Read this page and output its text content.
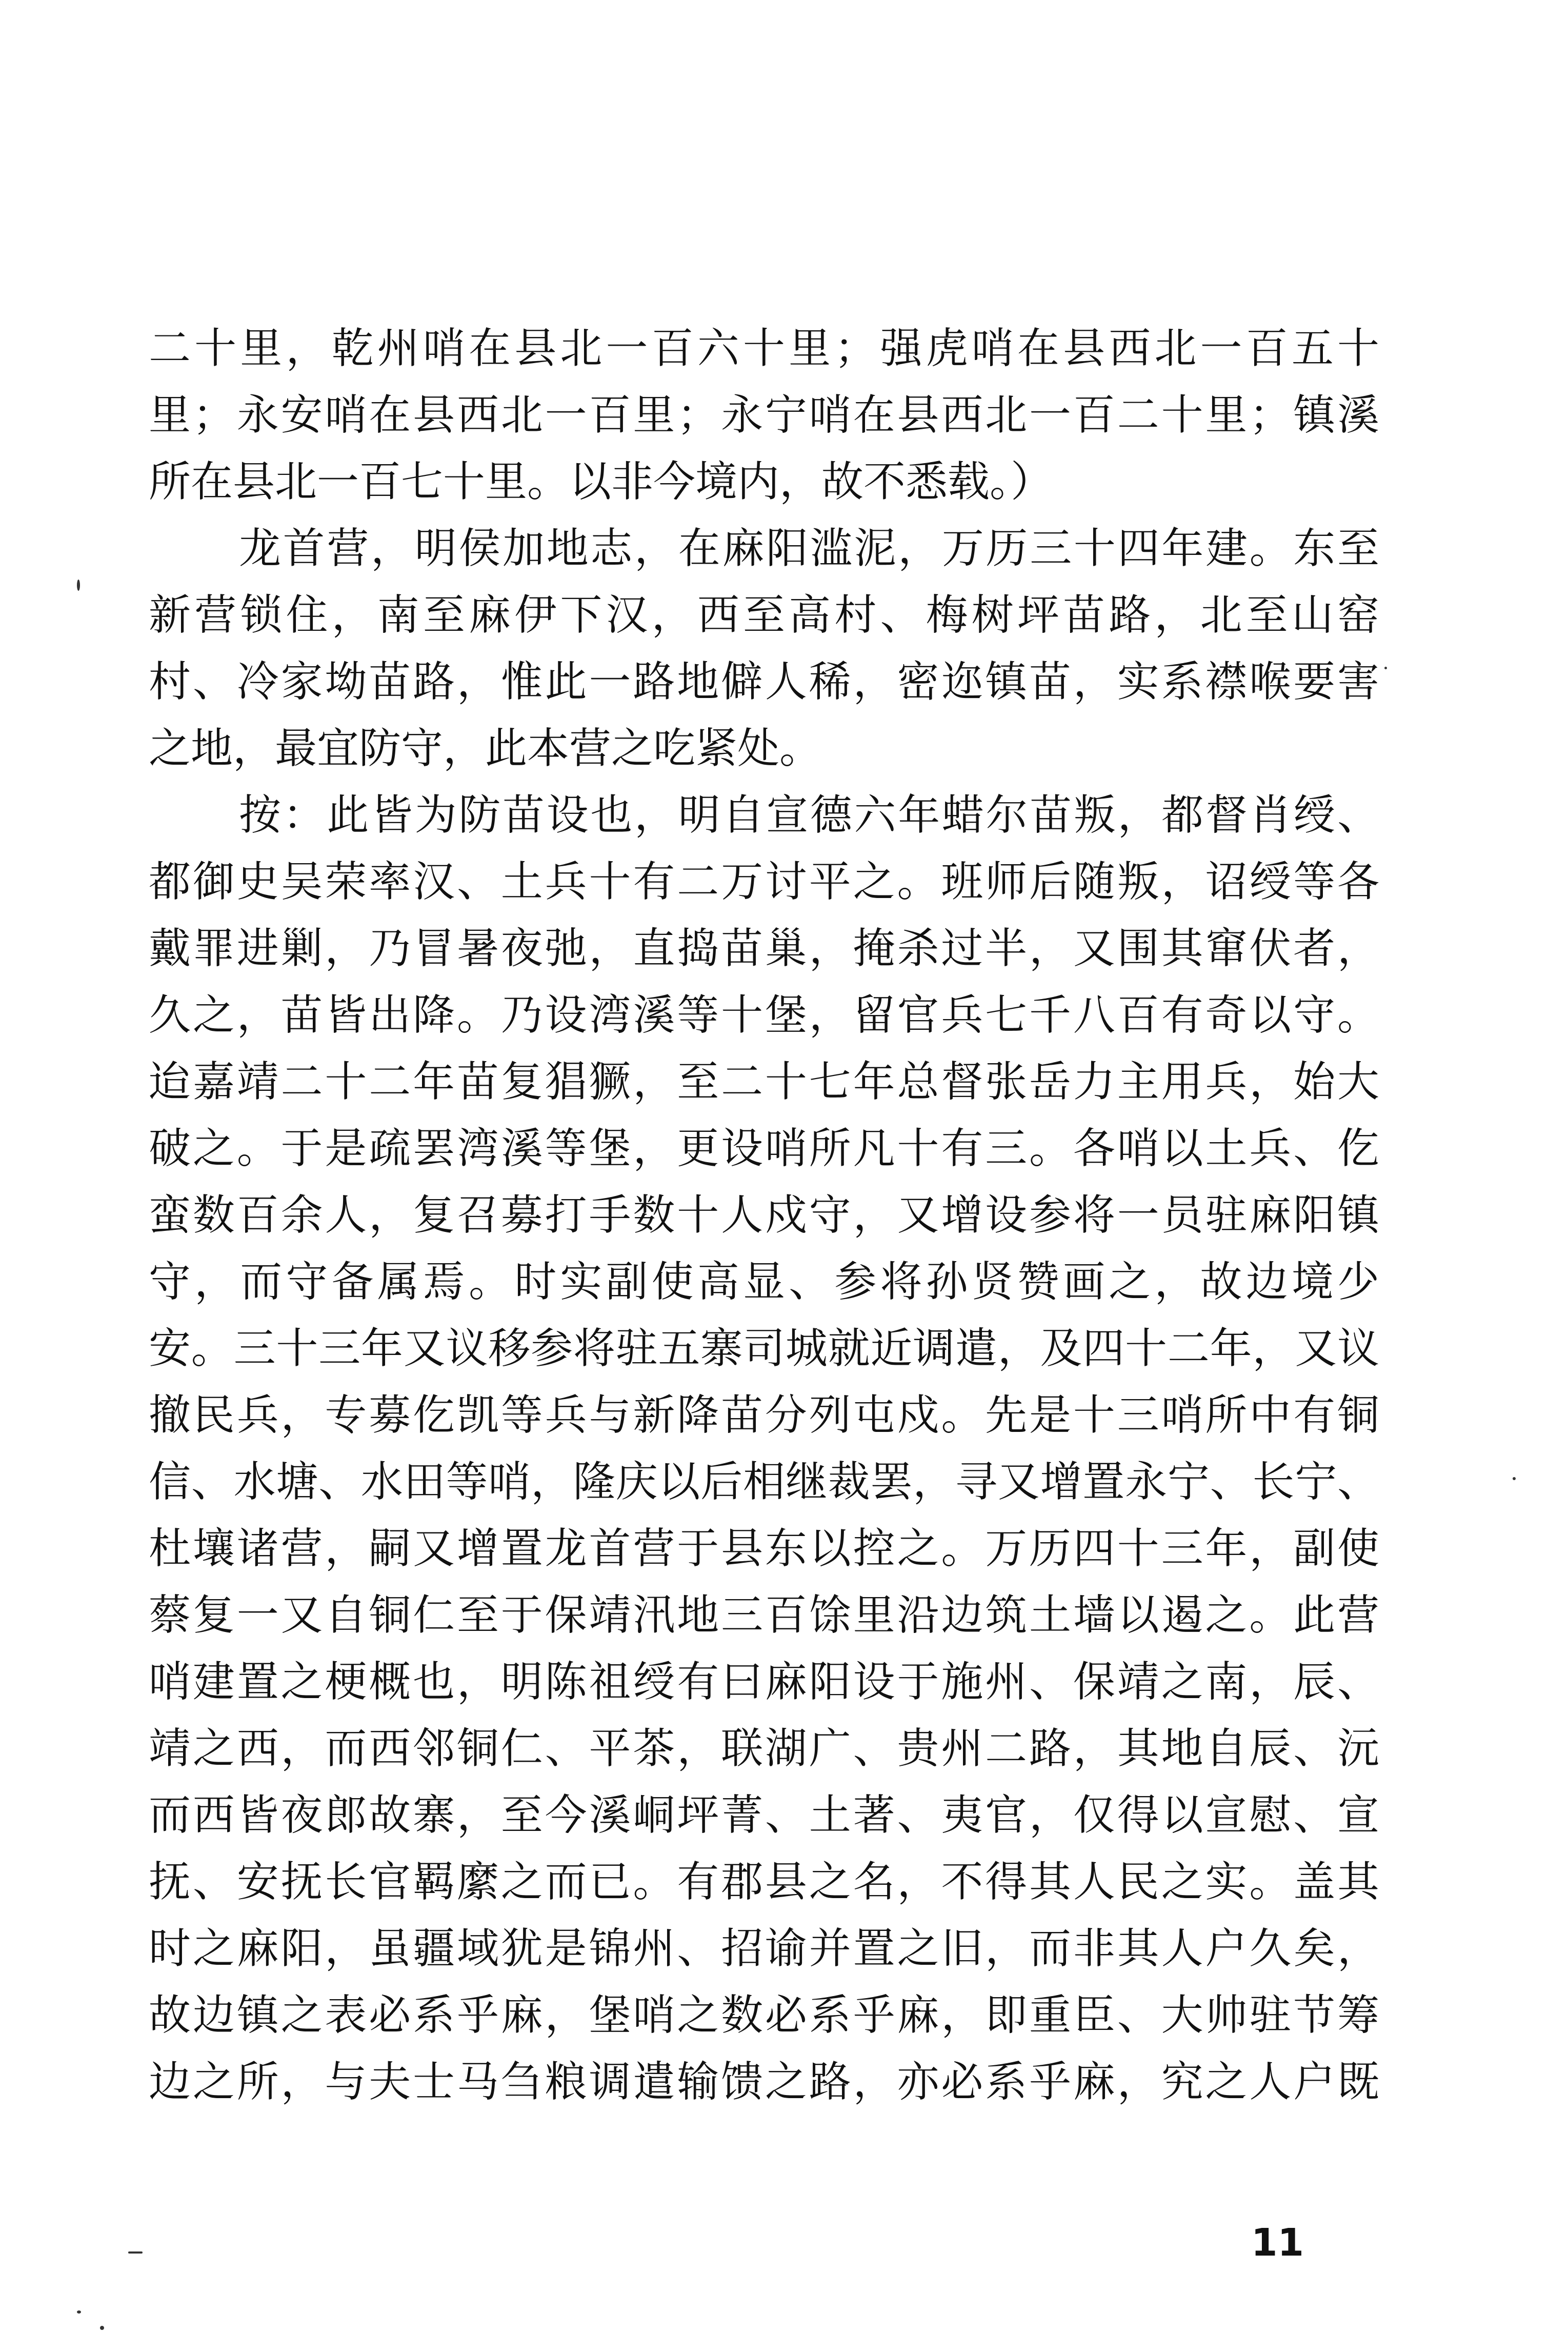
二十里，乾州哨在县北一百六十里；强虎哨在县西北一百五十
里；永安哨在县西北一百里；永宁哨在县西北一百二十里；镇溪
所在县北一百七十里。以非今境内，故不悉载。）
龙首营，明侯加地志，在麻阳滥泥，万历三十四年建。东至
新营锁住，南至麻伊下汉，西至高村、梅树坪苗路，北至山窑
村、冷家坳苗路，惟此一路地僻人稀，密迩镇苗，实系襟喉要害
之地，最宜防守，此本营之吃紧处。
按：此皆为防苗设也，明自宣德六年蜡尔苗叛，都督肖绶、
都御史吴荣率汉、土兵十有二万讨平之。班师后随叛，诏绶等各
戴罪进剿，乃冒暑夜弛，直捣苗巢，掩杀过半，又围其窜伏者，
久之，苗皆出降。乃设湾溪等十堡，留官兵七千八百有奇以守。
迨嘉靖二十二年苗复猖獗，至二十七年总督张岳力主用兵，始大
破之。于是疏罢湾溪等堡，更设哨所凡十有三。各哨以土兵、仡
蛮数百余人，复召募打手数十人戍守，又增设参将一员驻麻阳镇
守，而守备属焉。时实副使高显、参将孙贤赞画之，故边境少
安。三十三年又议移参将驻五寨司城就近调遣，及四十二年，又议
撤民兵，专募仡凯等兵与新降苗分列屯戍。先是十三哨所中有铜
信、水塘、水田等哨，隆庆以后相继裁罢，寻又增置永宁、长宁、
杜壤诸营，嗣又增置龙首营于县东以控之。万历四十三年，副使
蔡复一又自铜仁至于保靖汛地三百馀里沿边筑土墙以遏之。此营
哨建置之梗概也，明陈祖绶有曰麻阳设于施州、保靖之南，辰、
靖之西，而西邻铜仁、平茶，联湖广、贵州二路，其地自辰、沅
而西皆夜郎故寨，至今溪峒坪菁、土著、夷官，仅得以宣慰、宣
抚、安抚长官羁縻之而已。有郡县之名，不得其人民之实。盖其
时之麻阳，虽疆域犹是锦州、招谕并置之旧，而非其人户久矣，
故边镇之表必系乎麻，堡哨之数必系乎麻，即重臣、大帅驻节筹
边之所，与夫士马刍粮调遣输馈之路，亦必系乎麻，究之人户既
11
